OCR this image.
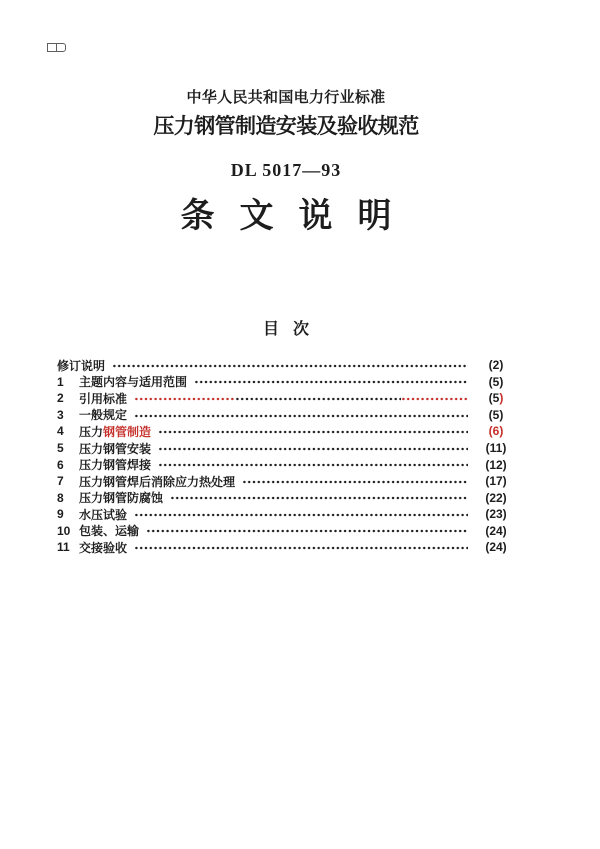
中华人民共和国电力行业标准
压力钢管制造安装及验收规范
DL 5017—93
条文说明
目次
修订说明	(2)
1	主题内容与适用范围	(5)
2	引用标准	(5)
3	一般规定	(5)
4	压力钢管制造	(6)
5	压力钢管安装	(11)
6	压力钢管焊接	(12)
7	压力钢管焊后消除应力热处理	(17)
8	压力钢管防腐蚀	(22)
9	水压试验	(23)
10 包装、运输	(24)
11 交接验收	(24)
